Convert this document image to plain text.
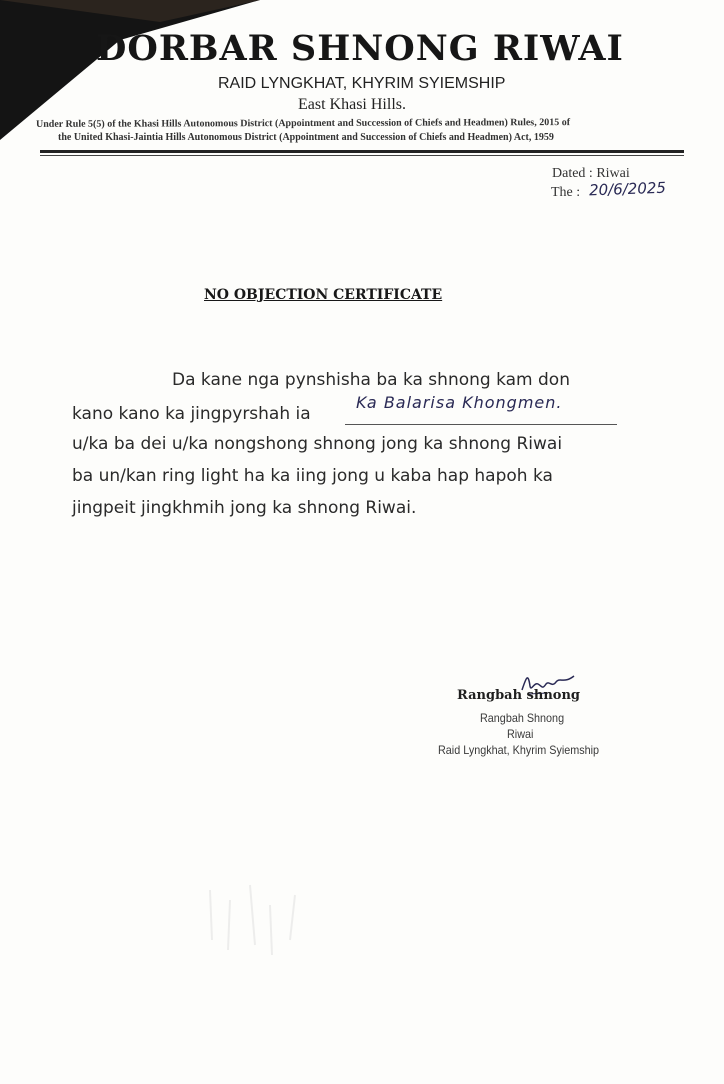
DORBAR SHNONG RIWAI
RAID LYNGKHAT, KHYRIM SYIEMSHIP
East Khasi Hills.
Under Rule 5(5) of the Khasi Hills Autonomous District (Appointment and Succession of Chiefs and Headmen) Rules, 2015 of
the United Khasi-Jaintia Hills Autonomous District (Appointment and Succession of Chiefs and Headmen) Act, 1959
Dated : Riwai
The : 20/6/2025
NO OBJECTION CERTIFICATE
Da kane nga pynshisha ba ka shnong kam don
kano kano ka jingpyrshah ia
Ka Balarisa Khongmen.
u/ka ba dei u/ka nongshong shnong jong ka shnong Riwai
ba un/kan ring light ha ka iing jong u kaba hap hapoh ka
jingpeit jingkhmih jong ka shnong Riwai.
Rangbah shnong
Rangbah Shnong
Riwai
Raid Lyngkhat, Khyrim Syiemship
